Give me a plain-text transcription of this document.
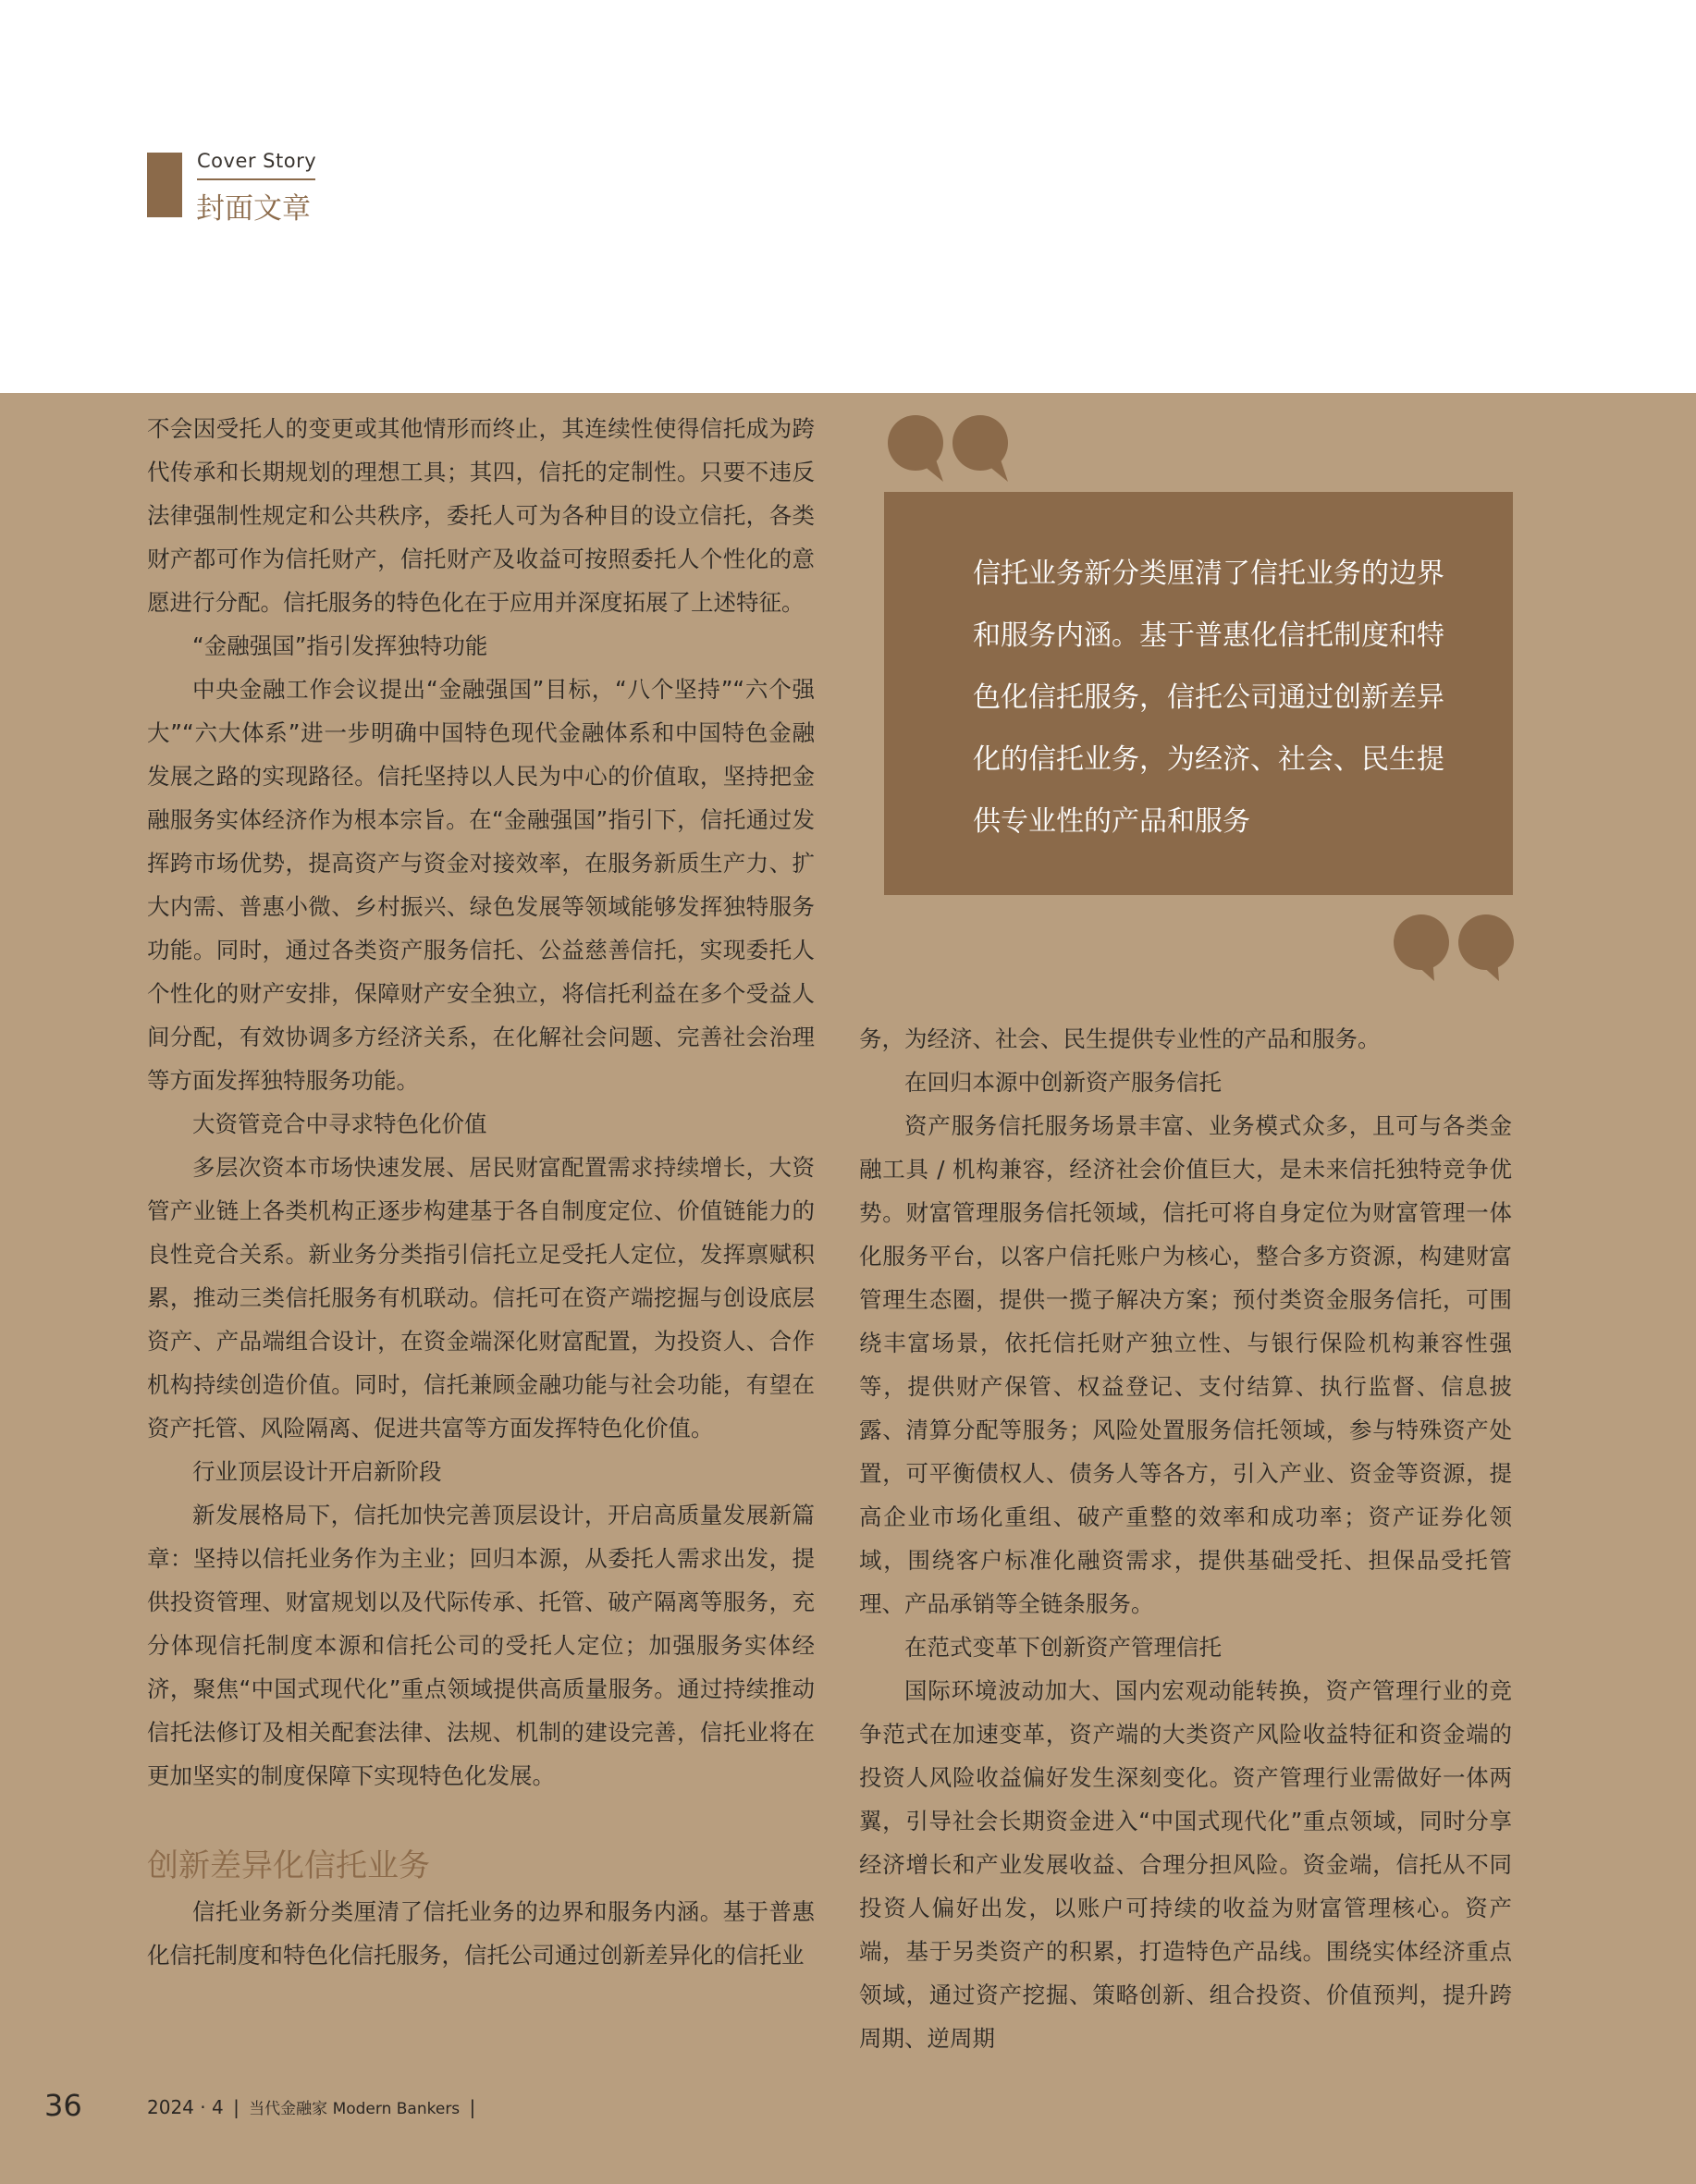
Cover Story
封面文章

不会因受托人的变更或其他情形而终止，其连续性使得信托成为跨代传承和长期规划的理想工具；其四，信托的定制性。只要不违反法律强制性规定和公共秩序，委托人可为各种目的设立信托，各类财产都可作为信托财产，信托财产及收益可按照委托人个性化的意愿进行分配。信托服务的特色化在于应用并深度拓展了上述特征。

“金融强国”指引发挥独特功能

中央金融工作会议提出“金融强国”目标，“八个坚持”“六个强大”“六大体系”进一步明确中国特色现代金融体系和中国特色金融发展之路的实现路径。信托坚持以人民为中心的价值取，坚持把金融服务实体经济作为根本宗旨。在“金融强国”指引下，信托通过发挥跨市场优势，提高资产与资金对接效率，在服务新质生产力、扩大内需、普惠小微、乡村振兴、绿色发展等领域能够发挥独特服务功能。同时，通过各类资产服务信托、公益慈善信托，实现委托人个性化的财产安排，保障财产安全独立，将信托利益在多个受益人间分配，有效协调多方经济关系，在化解社会问题、完善社会治理等方面发挥独特服务功能。

大资管竞合中寻求特色化价值

多层次资本市场快速发展、居民财富配置需求持续增长，大资管产业链上各类机构正逐步构建基于各自制度定位、价值链能力的良性竞合关系。新业务分类指引信托立足受托人定位，发挥禀赋积累，推动三类信托服务有机联动。信托可在资产端挖掘与创设底层资产、产品端组合设计，在资金端深化财富配置，为投资人、合作机构持续创造价值。同时，信托兼顾金融功能与社会功能，有望在资产托管、风险隔离、促进共富等方面发挥特色化价值。

行业顶层设计开启新阶段

新发展格局下，信托加快完善顶层设计，开启高质量发展新篇章：坚持以信托业务作为主业；回归本源，从委托人需求出发，提供投资管理、财富规划以及代际传承、托管、破产隔离等服务，充分体现信托制度本源和信托公司的受托人定位；加强服务实体经济，聚焦“中国式现代化”重点领域提供高质量服务。通过持续推动信托法修订及相关配套法律、法规、机制的建设完善，信托业将在更加坚实的制度保障下实现特色化发展。

创新差异化信托业务

信托业务新分类厘清了信托业务的边界和服务内涵。基于普惠化信托制度和特色化信托服务，信托公司通过创新差异化的信托业

信托业务新分类厘清了信托业务的边界和服务内涵。基于普惠化信托制度和特色化信托服务，信托公司通过创新差异化的信托业务，为经济、社会、民生提供专业性的产品和服务

务，为经济、社会、民生提供专业性的产品和服务。

在回归本源中创新资产服务信托

资产服务信托服务场景丰富、业务模式众多，且可与各类金融工具 / 机构兼容，经济社会价值巨大，是未来信托独特竞争优势。财富管理服务信托领域，信托可将自身定位为财富管理一体化服务平台，以客户信托账户为核心，整合多方资源，构建财富管理生态圈，提供一揽子解决方案；预付类资金服务信托，可围绕丰富场景，依托信托财产独立性、与银行保险机构兼容性强等，提供财产保管、权益登记、支付结算、执行监督、信息披露、清算分配等服务；风险处置服务信托领域，参与特殊资产处置，可平衡债权人、债务人等各方，引入产业、资金等资源，提高企业市场化重组、破产重整的效率和成功率；资产证券化领域，围绕客户标准化融资需求，提供基础受托、担保品受托管理、产品承销等全链条服务。

在范式变革下创新资产管理信托

国际环境波动加大、国内宏观动能转换，资产管理行业的竞争范式在加速变革，资产端的大类资产风险收益特征和资金端的投资人风险收益偏好发生深刻变化。资产管理行业需做好一体两翼，引导社会长期资金进入“中国式现代化”重点领域，同时分享经济增长和产业发展收益、合理分担风险。资金端，信托从不同投资人偏好出发，以账户可持续的收益为财富管理核心。资产端，基于另类资产的积累，打造特色产品线。围绕实体经济重点领域，通过资产挖掘、策略创新、组合投资、价值预判，提升跨周期、逆周期

36	2024 · 4 | 当代金融家 Modern Bankers |
